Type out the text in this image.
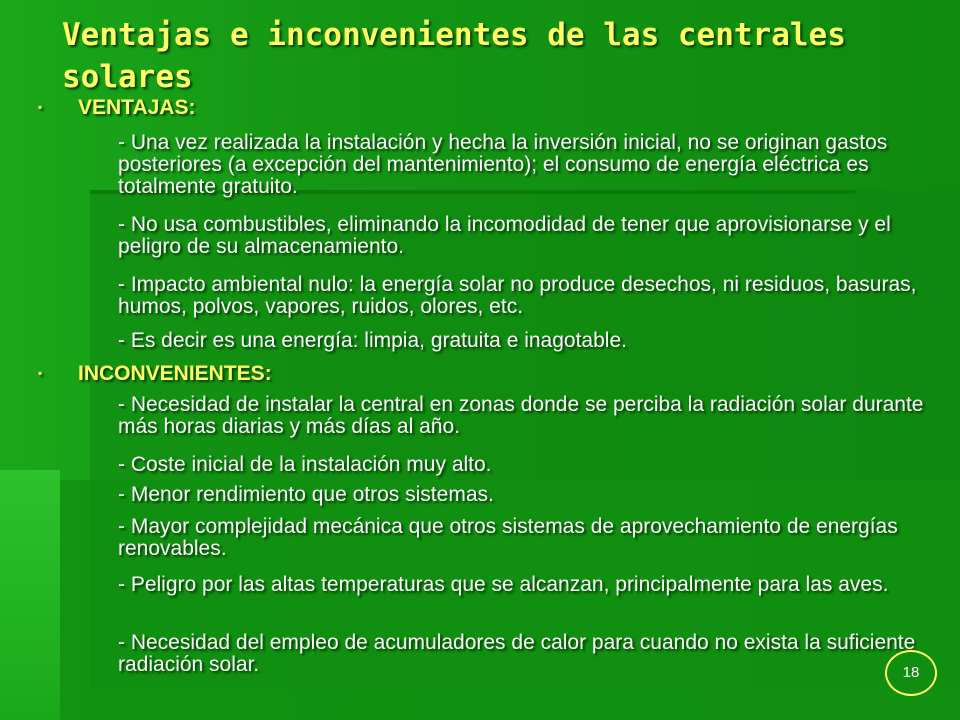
Ventajas e inconvenientes de las centrales solares
▪ VENTAJAS:
- Una vez realizada la instalación y hecha la inversión inicial, no se originan gastos posteriores (a excepción del mantenimiento); el consumo de energía eléctrica es totalmente gratuito.
- No usa combustibles, eliminando la incomodidad de tener que aprovisionarse y el peligro de su almacenamiento.
- Impacto ambiental nulo: la energía solar no produce desechos, ni residuos, basuras, humos, polvos, vapores, ruidos, olores, etc.
- Es decir es una energía: limpia, gratuita e inagotable.
▪ INCONVENIENTES:
- Necesidad de instalar la central en zonas donde se perciba la radiación solar durante más horas diarias y más días al año.
- Coste inicial de la instalación muy alto.
- Menor rendimiento que otros sistemas.
- Mayor complejidad mecánica que otros sistemas de aprovechamiento de energías renovables.
- Peligro por las altas temperaturas que se alcanzan, principalmente para las aves.
- Necesidad del empleo de acumuladores de calor para cuando no exista la suficiente radiación solar.	18
